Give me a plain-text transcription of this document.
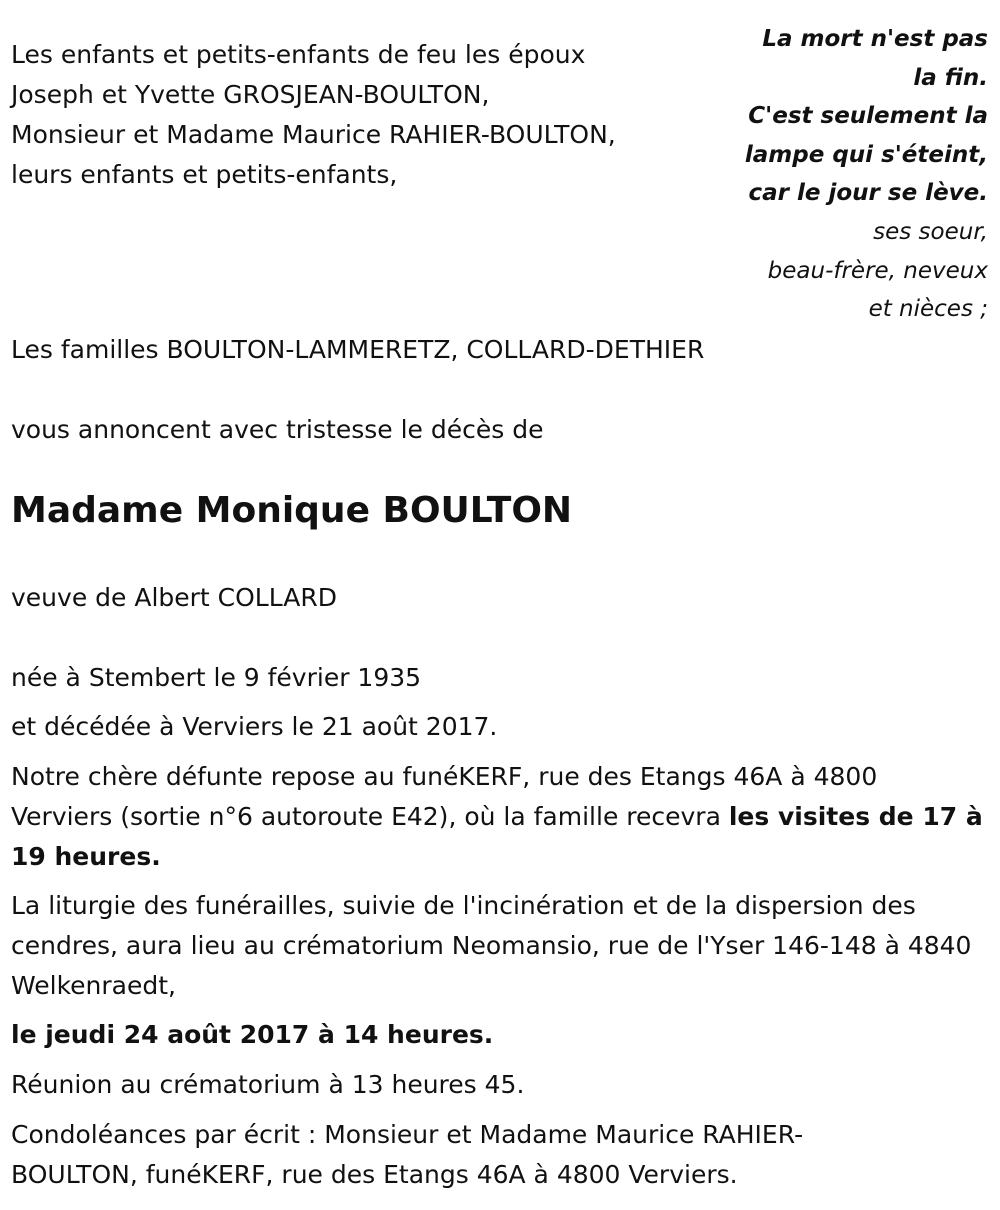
Les enfants et petits-enfants de feu les époux

Joseph et Yvette GROSJEAN-BOULTON,

Monsieur et Madame Maurice RAHIER-BOULTON,

leurs enfants et petits-enfants,

La mort n'est pas
la fin.
C'est seulement la
lampe qui s'éteint,
car le jour se lève.
ses soeur,
beau-frère, neveux
et nièces ;

Les familles BOULTON-LAMMERETZ, COLLARD-DETHIER

vous annoncent avec tristesse le décès de

Madame Monique BOULTON

veuve de Albert COLLARD

née à Stembert le 9 février 1935

et décédée à Verviers le 21 août 2017.

Notre chère défunte repose au funéKERF, rue des Etangs 46A à 4800 Verviers (sortie n°6 autoroute E42), où la famille recevra les visites de 17 à 19 heures.

La liturgie des funérailles, suivie de l'incinération et de la dispersion des cendres, aura lieu au crématorium Neomansio, rue de l'Yser 146-148 à 4840 Welkenraedt,

le jeudi 24 août 2017 à 14 heures.

Réunion au crématorium à 13 heures 45.

Condoléances par écrit : Monsieur et Madame Maurice RAHIER-BOULTON, funéKERF, rue des Etangs 46A à 4800 Verviers.
